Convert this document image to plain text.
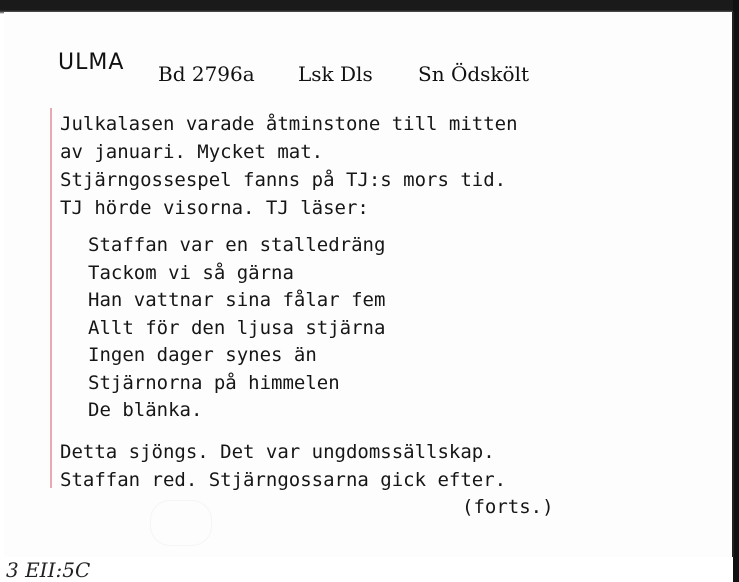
ULMA Bd 2796a Lsk Dls Sn Ödskölt
Julkalasen varade åtminstone till mitten
av januari. Mycket mat.
Stjärngossespel fanns på TJ:s mors tid.
TJ hörde visorna. TJ läser:
Staffan var en stalledräng
Tackom vi så gärna
Han vattnar sina fålar fem
Allt för den ljusa stjärna
Ingen dager synes än
Stjärnorna på himmelen
De blänka.
Detta sjöngs. Det var ungdomssällskap.
Staffan red. Stjärngossarna gick efter.
(forts.)
3 EII:5C
